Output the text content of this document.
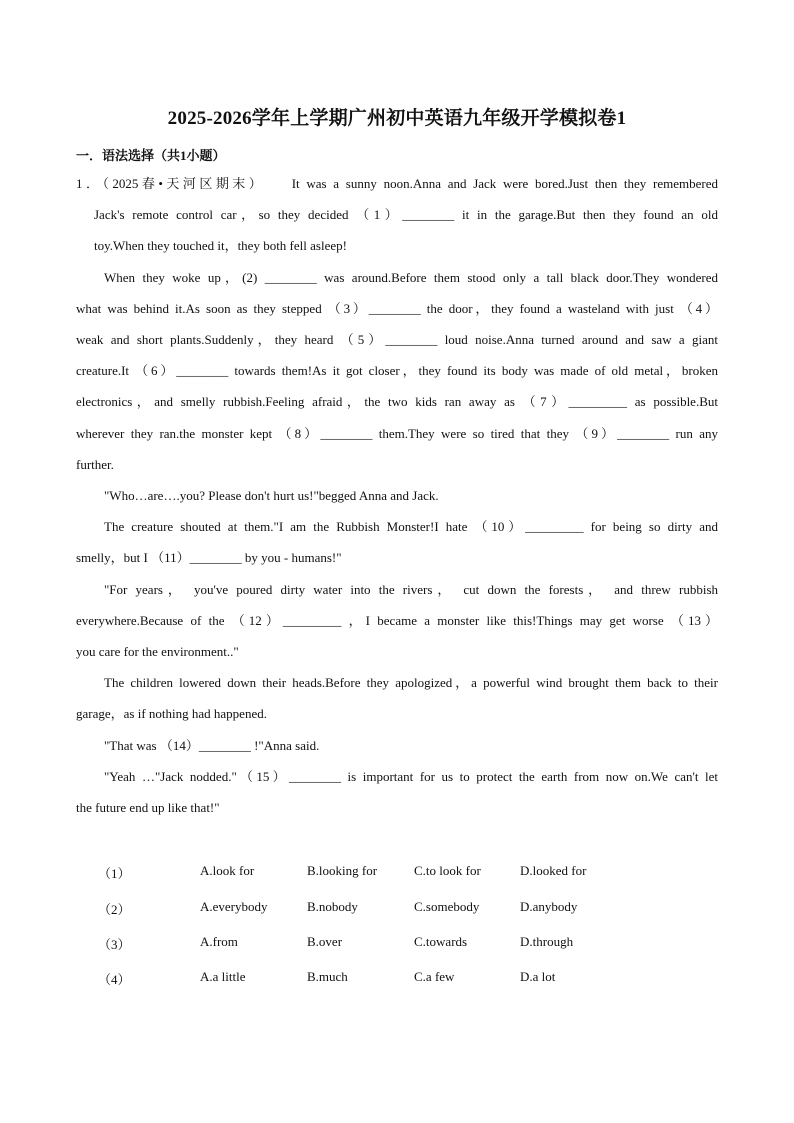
2025-2026学年上学期广州初中英语九年级开学模拟卷1
一．语法选择（共1小题）
1．（2025春•天河区期末）　　It was a sunny noon.Anna and Jack were bored.Just then they remembered
Jack's remote control car，so they decided （1）________ it in the garage.But then they found an old
toy.When they touched it，they both fell asleep!
When they woke up，(2) ________ was around.Before them stood only a tall black door.They wondered
what was behind it.As soon as they stepped （3）________ the door，they found a wasteland with just （4）
weak and short plants.Suddenly，they heard （5）________ loud noise.Anna turned around and saw a giant
creature.It （6）________ towards them!As it got closer，they found its body was made of old metal，broken
electronics，and smelly rubbish.Feeling afraid，the two kids ran away as （7）_________ as possible.But
wherever they ran.the monster kept （8）________ them.They were so tired that they （9）________ run any
further.
"Who…are….you? Please don't hurt us!"begged Anna and Jack.
The creature shouted at them."I am the Rubbish Monster!I hate （10）_________ for being so dirty and
smelly，but I （11）________ by you - humans!"
"For years， you've poured dirty water into the rivers， cut down the forests， and threw rubbish
everywhere.Because of the （12）_________ ，I became a monster like this!Things may get worse （13）
you care for the environment.."
The children lowered down their heads.Before they apologized，a powerful wind brought them back to their
garage，as if nothing had happened.
"That was （14）________ !"Anna said.
"Yeah …"Jack nodded."（15）________ is important for us to protect the earth from now on.We can't let
the future end up like that!"
（1）	A.look for	B.looking for	C.to look for	D.looked for
（2）	A.everybody	B.nobody	C.somebody	D.anybody
（3）	A.from	B.over	C.towards	D.through
（4）	A.a little	B.much	C.a few	D.a lot
